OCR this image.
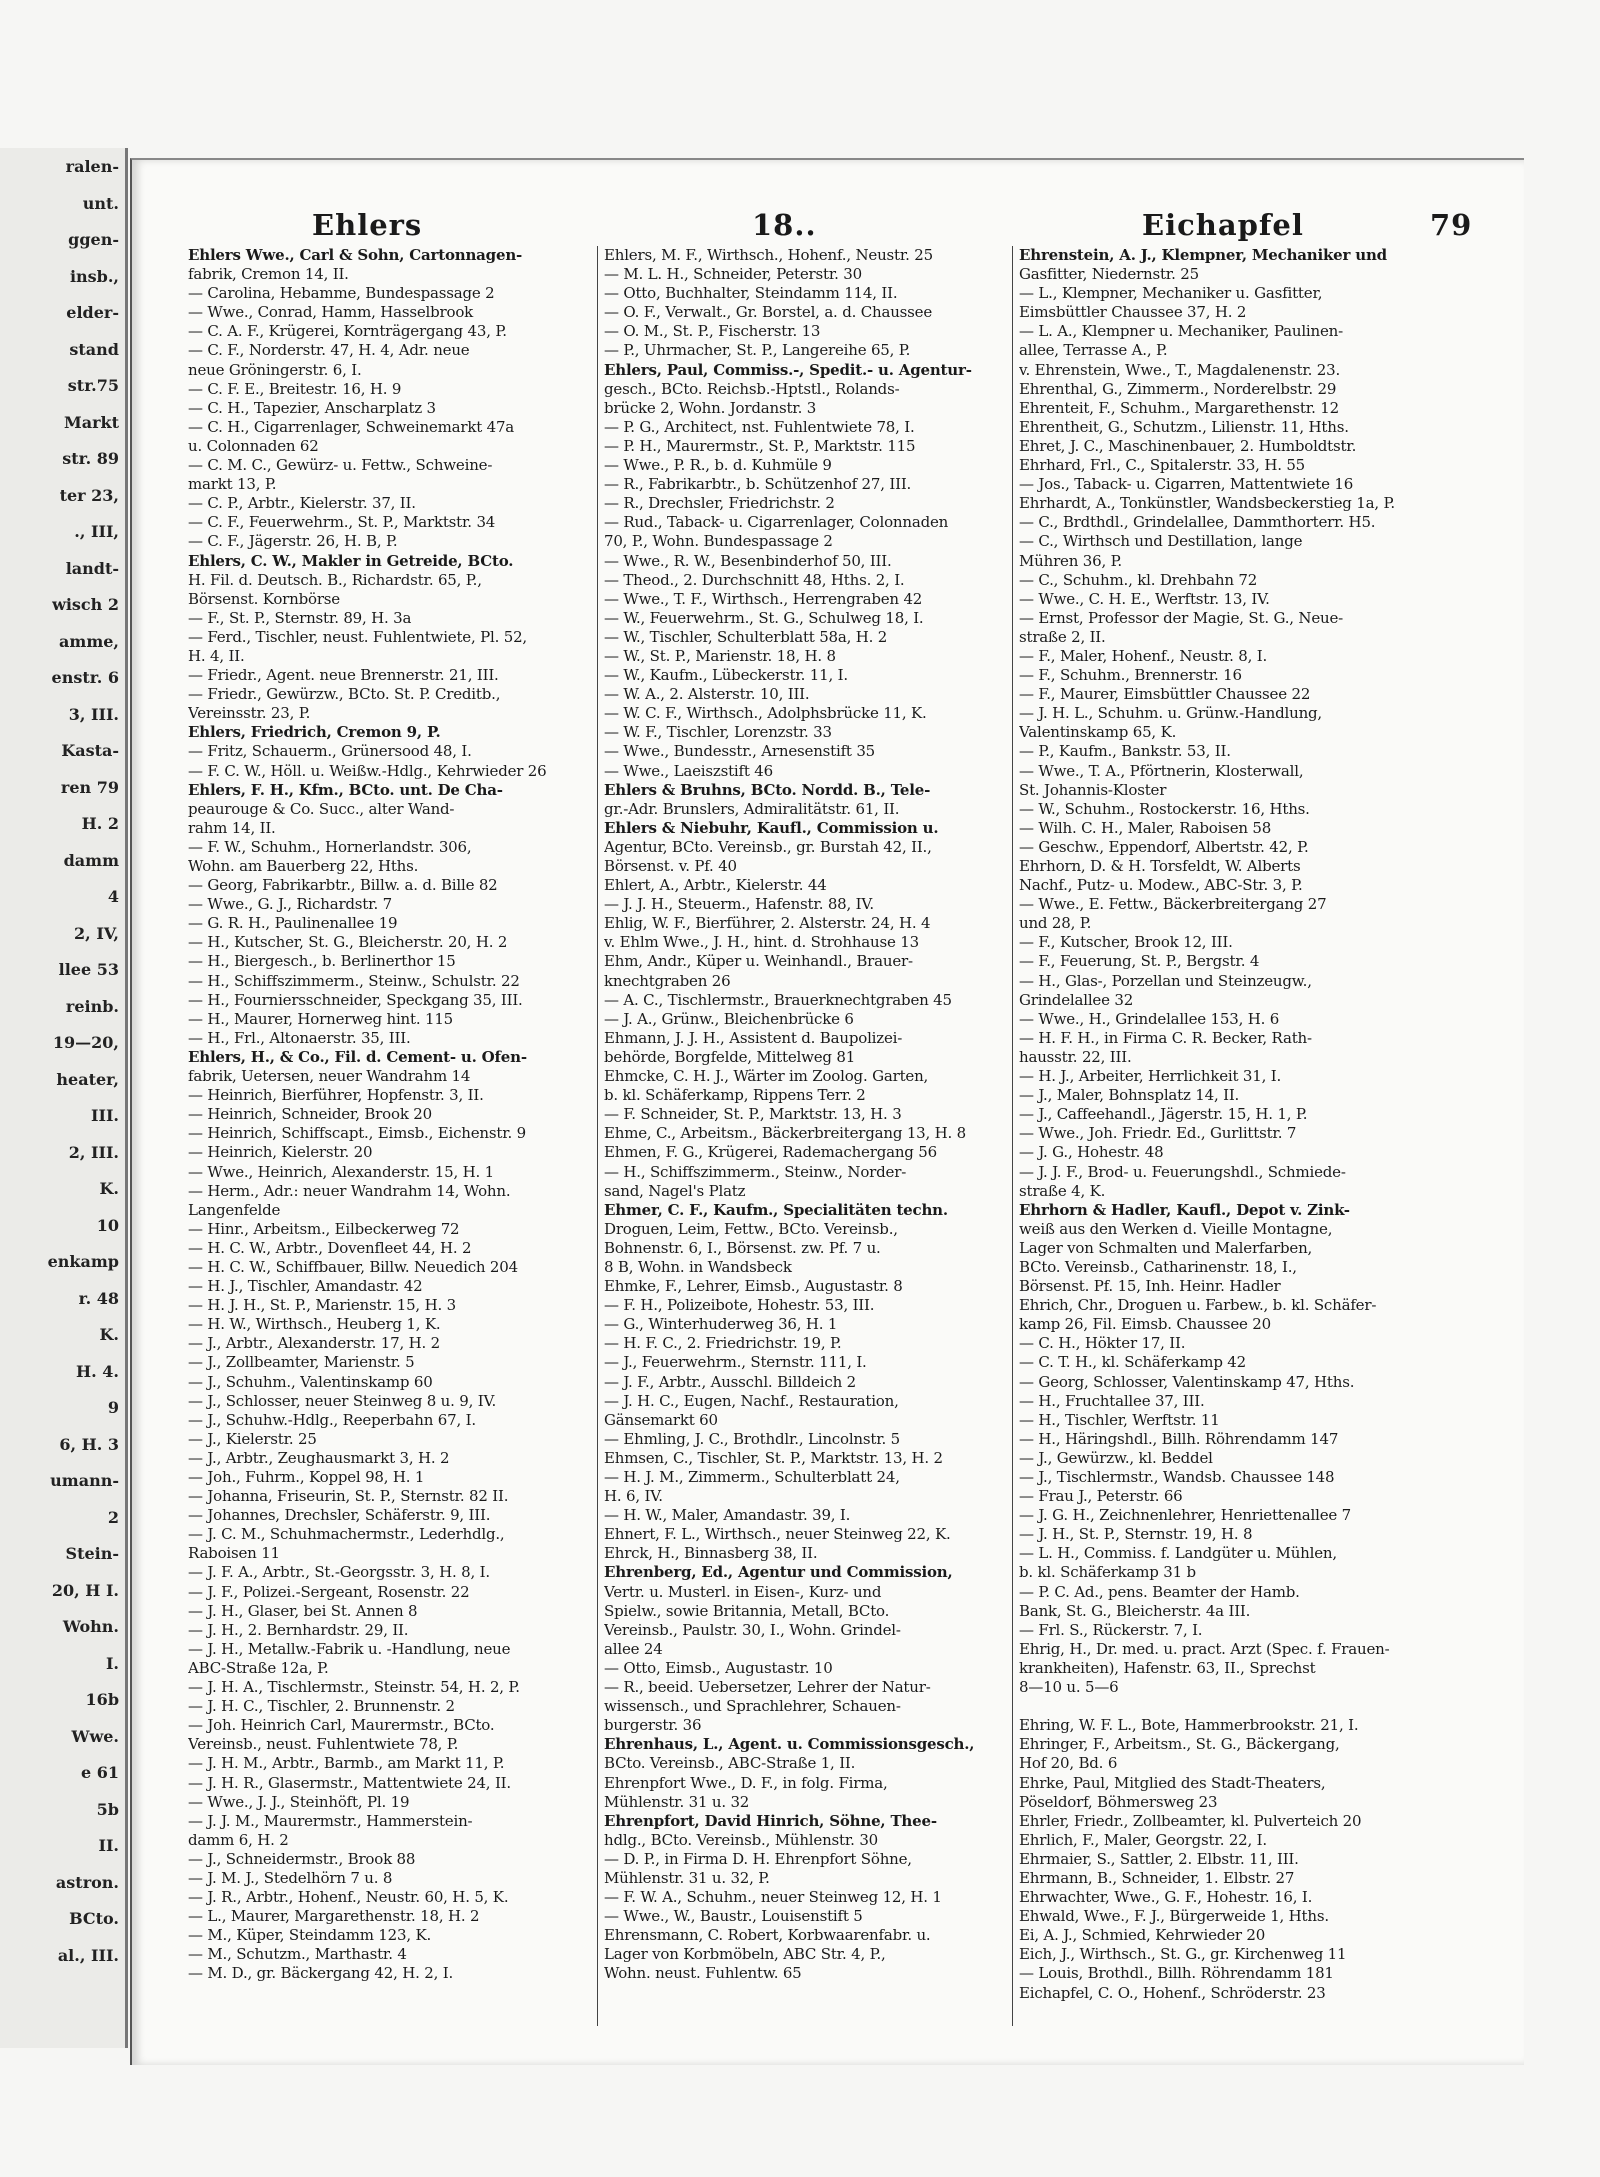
ralen-
unt.
ggen-
insb.,
elder-
stand
str.75
Markt
str. 89
ter 23,
., III,
landt-
wisch 2
amme,
enstr. 6
3, III.
Kasta-
ren 79
H. 2
damm
4
2, IV,
llee 53
reinb.
19—20,
heater,
III.
2, III.
K.
10
enkamp
r. 48
K.
H. 4.
9
6, H. 3
umann-
2
Stein-
20, H I.
Wohn.
I.
16b
Wwe.
e 61
5b
II.
astron.
BCto.
al., III.
Ehlers	18..	Eichapfel	79
Ehlers Wwe., Carl & Sohn, Cartonnagen-
fabrik, Cremon 14, II.
— Carolina, Hebamme, Bundespassage 2
— Wwe., Conrad, Hamm, Hasselbrook
— C. A. F., Krügerei, Kornträgergang 43, P.
— C. F., Norderstr. 47, H. 4, Adr. neue
neue Gröningerstr. 6, I.
— C. F. E., Breitestr. 16, H. 9
— C. H., Tapezier, Anscharplatz 3
— C. H., Cigarrenlager, Schweinemarkt 47a
u. Colonnaden 62
— C. M. C., Gewürz- u. Fettw., Schweine-
markt 13, P.
— C. P., Arbtr., Kielerstr. 37, II.
— C. F., Feuerwehrm., St. P., Marktstr. 34
— C. F., Jägerstr. 26, H. B, P.
Ehlers, C. W., Makler in Getreide, BCto.
H. Fil. d. Deutsch. B., Richardstr. 65, P.,
Börsenst. Kornbörse
— F., St. P., Sternstr. 89, H. 3a
— Ferd., Tischler, neust. Fuhlentwiete, Pl. 52,
H. 4, II.
— Friedr., Agent. neue Brennerstr. 21, III.
— Friedr., Gewürzw., BCto. St. P. Creditb.,
Vereinsstr. 23, P.
Ehlers, Friedrich, Cremon 9, P.
— Fritz, Schauerm., Grünersood 48, I.
— F. C. W., Höll. u. Weißw.-Hdlg., Kehrwieder 26
Ehlers, F. H., Kfm., BCto. unt. De Cha-
peaurouge & Co. Succ., alter Wand-
rahm 14, II.
— F. W., Schuhm., Hornerlandstr. 306,
Wohn. am Bauerberg 22, Hths.
— Georg, Fabrikarbtr., Billw. a. d. Bille 82
— Wwe., G. J., Richardstr. 7
— G. R. H., Paulinenallee 19
— H., Kutscher, St. G., Bleicherstr. 20, H. 2
— H., Biergesch., b. Berlinerthor 15
— H., Schiffszimmerm., Steinw., Schulstr. 22
— H., Fourniersschneider, Speckgang 35, III.
— H., Maurer, Hornerweg hint. 115
— H., Frl., Altonaerstr. 35, III.
Ehlers, H., & Co., Fil. d. Cement- u. Ofen-
fabrik, Uetersen, neuer Wandrahm 14
— Heinrich, Bierführer, Hopfenstr. 3, II.
— Heinrich, Schneider, Brook 20
— Heinrich, Schiffscapt., Eimsb., Eichenstr. 9
— Heinrich, Kielerstr. 20
— Wwe., Heinrich, Alexanderstr. 15, H. 1
— Herm., Adr.: neuer Wandrahm 14, Wohn.
Langenfelde
— Hinr., Arbeitsm., Eilbeckerweg 72
— H. C. W., Arbtr., Dovenfleet 44, H. 2
— H. C. W., Schiffbauer, Billw. Neuedich 204
— H. J., Tischler, Amandastr. 42
— H. J. H., St. P., Marienstr. 15, H. 3
— H. W., Wirthsch., Heuberg 1, K.
— J., Arbtr., Alexanderstr. 17, H. 2
— J., Zollbeamter, Marienstr. 5
— J., Schuhm., Valentinskamp 60
— J., Schlosser, neuer Steinweg 8 u. 9, IV.
— J., Schuhw.-Hdlg., Reeperbahn 67, I.
— J., Kielerstr. 25
— J., Arbtr., Zeughausmarkt 3, H. 2
— Joh., Fuhrm., Koppel 98, H. 1
— Johanna, Friseurin, St. P., Sternstr. 82 II.
— Johannes, Drechsler, Schäferstr. 9, III.
— J. C. M., Schuhmachermstr., Lederhdlg.,
Raboisen 11
— J. F. A., Arbtr., St.-Georgsstr. 3, H. 8, I.
— J. F., Polizei.-Sergeant, Rosenstr. 22
— J. H., Glaser, bei St. Annen 8
— J. H., 2. Bernhardstr. 29, II.
— J. H., Metallw.-Fabrik u. -Handlung, neue
ABC-Straße 12a, P.
— J. H. A., Tischlermstr., Steinstr. 54, H. 2, P.
— J. H. C., Tischler, 2. Brunnenstr. 2
— Joh. Heinrich Carl, Maurermstr., BCto.
Vereinsb., neust. Fuhlentwiete 78, P.
— J. H. M., Arbtr., Barmb., am Markt 11, P.
— J. H. R., Glasermstr., Mattentwiete 24, II.
— Wwe., J. J., Steinhöft, Pl. 19
— J. J. M., Maurermstr., Hammerstein-
damm 6, H. 2
— J., Schneidermstr., Brook 88
— J. M. J., Stedelhörn 7 u. 8
— J. R., Arbtr., Hohenf., Neustr. 60, H. 5, K.
— L., Maurer, Margarethenstr. 18, H. 2
— M., Küper, Steindamm 123, K.
— M., Schutzm., Marthastr. 4
— M. D., gr. Bäckergang 42, H. 2, I.
Ehlers, M. F., Wirthsch., Hohenf., Neustr. 25
— M. L. H., Schneider, Peterstr. 30
— Otto, Buchhalter, Steindamm 114, II.
— O. F., Verwalt., Gr. Borstel, a. d. Chaussee
— O. M., St. P., Fischerstr. 13
— P., Uhrmacher, St. P., Langereihe 65, P.
Ehlers, Paul, Commiss.-, Spedit.- u. Agentur-
gesch., BCto. Reichsb.-Hptstl., Rolands-
brücke 2, Wohn. Jordanstr. 3
— P. G., Architect, nst. Fuhlentwiete 78, I.
— P. H., Maurermstr., St. P., Marktstr. 115
— Wwe., P. R., b. d. Kuhmüle 9
— R., Fabrikarbtr., b. Schützenhof 27, III.
— R., Drechsler, Friedrichstr. 2
— Rud., Taback- u. Cigarrenlager, Colonnaden
70, P., Wohn. Bundespassage 2
— Wwe., R. W., Besenbinderhof 50, III.
— Theod., 2. Durchschnitt 48, Hths. 2, I.
— Wwe., T. F., Wirthsch., Herrengraben 42
— W., Feuerwehrm., St. G., Schulweg 18, I.
— W., Tischler, Schulterblatt 58a, H. 2
— W., St. P., Marienstr. 18, H. 8
— W., Kaufm., Lübeckerstr. 11, I.
— W. A., 2. Alsterstr. 10, III.
— W. C. F., Wirthsch., Adolphsbrücke 11, K.
— W. F., Tischler, Lorenzstr. 33
— Wwe., Bundesstr., Arnesenstift 35
— Wwe., Laeiszstift 46
Ehlers & Bruhns, BCto. Nordd. B., Tele-
gr.-Adr. Brunslers, Admiralitätstr. 61, II.
Ehlers & Niebuhr, Kaufl., Commission u.
Agentur, BCto. Vereinsb., gr. Burstah 42, II.,
Börsenst. v. Pf. 40
Ehlert, A., Arbtr., Kielerstr. 44
— J. J. H., Steuerm., Hafenstr. 88, IV.
Ehlig, W. F., Bierführer, 2. Alsterstr. 24, H. 4
v. Ehlm Wwe., J. H., hint. d. Strohhause 13
Ehm, Andr., Küper u. Weinhandl., Brauer-
knechtgraben 26
— A. C., Tischlermstr., Brauerknechtgraben 45
— J. A., Grünw., Bleichenbrücke 6
Ehmann, J. J. H., Assistent d. Baupolizei-
behörde, Borgfelde, Mittelweg 81
Ehmcke, C. H. J., Wärter im Zoolog. Garten,
b. kl. Schäferkamp, Rippens Terr. 2
— F. Schneider, St. P., Marktstr. 13, H. 3
Ehme, C., Arbeitsm., Bäckerbreitergang 13, H. 8
Ehmen, F. G., Krügerei, Rademachergang 56
— H., Schiffszimmerm., Steinw., Norder-
sand, Nagel's Platz
Ehmer, C. F., Kaufm., Specialitäten techn.
Droguen, Leim, Fettw., BCto. Vereinsb.,
Bohnenstr. 6, I., Börsenst. zw. Pf. 7 u.
8 B, Wohn. in Wandsbeck
Ehmke, F., Lehrer, Eimsb., Augustastr. 8
— F. H., Polizeibote, Hohestr. 53, III.
— G., Winterhuderweg 36, H. 1
— H. F. C., 2. Friedrichstr. 19, P.
— J., Feuerwehrm., Sternstr. 111, I.
— J. F., Arbtr., Ausschl. Billdeich 2
— J. H. C., Eugen, Nachf., Restauration,
Gänsemarkt 60
— Ehmling, J. C., Brothdlr., Lincolnstr. 5
Ehmsen, C., Tischler, St. P., Marktstr. 13, H. 2
— H. J. M., Zimmerm., Schulterblatt 24,
H. 6, IV.
— H. W., Maler, Amandastr. 39, I.
Ehnert, F. L., Wirthsch., neuer Steinweg 22, K.
Ehrck, H., Binnasberg 38, II.
Ehrenberg, Ed., Agentur und Commission,
Vertr. u. Musterl. in Eisen-, Kurz- und
Spielw., sowie Britannia, Metall, BCto.
Vereinsb., Paulstr. 30, I., Wohn. Grindel-
allee 24
— Otto, Eimsb., Augustastr. 10
— R., beeid. Uebersetzer, Lehrer der Natur-
wissensch., und Sprachlehrer, Schauen-
burgerstr. 36
Ehrenhaus, L., Agent. u. Commissionsgesch.,
BCto. Vereinsb., ABC-Straße 1, II.
Ehrenpfort Wwe., D. F., in folg. Firma,
Mühlenstr. 31 u. 32
Ehrenpfort, David Hinrich, Söhne, Thee-
hdlg., BCto. Vereinsb., Mühlenstr. 30
— D. P., in Firma D. H. Ehrenpfort Söhne,
Mühlenstr. 31 u. 32, P.
— F. W. A., Schuhm., neuer Steinweg 12, H. 1
— Wwe., W., Baustr., Louisenstift 5
Ehrensmann, C. Robert, Korbwaarenfabr. u.
Lager von Korbmöbeln, ABC Str. 4, P.,
Wohn. neust. Fuhlentw. 65
Ehrenstein, A. J., Klempner, Mechaniker und
Gasfitter, Niedernstr. 25
— L., Klempner, Mechaniker u. Gasfitter,
Eimsbüttler Chaussee 37, H. 2
— L. A., Klempner u. Mechaniker, Paulinen-
allee, Terrasse A., P.
v. Ehrenstein, Wwe., T., Magdalenenstr. 23.
Ehrenthal, G., Zimmerm., Norderelbstr. 29
Ehrenteit, F., Schuhm., Margarethenstr. 12
Ehrentheit, G., Schutzm., Lilienstr. 11, Hths.
Ehret, J. C., Maschinenbauer, 2. Humboldtstr.
Ehrhard, Frl., C., Spitalerstr. 33, H. 55
— Jos., Taback- u. Cigarren, Mattentwiete 16
Ehrhardt, A., Tonkünstler, Wandsbeckerstieg 1a, P.
— C., Brdthdl., Grindelallee, Dammthorterr. H5.
— C., Wirthsch und Destillation, lange
Mühren 36, P.
— C., Schuhm., kl. Drehbahn 72
— Wwe., C. H. E., Werftstr. 13, IV.
— Ernst, Professor der Magie, St. G., Neue-
straße 2, II.
— F., Maler, Hohenf., Neustr. 8, I.
— F., Schuhm., Brennerstr. 16
— F., Maurer, Eimsbüttler Chaussee 22
— J. H. L., Schuhm. u. Grünw.-Handlung,
Valentinskamp 65, K.
— P., Kaufm., Bankstr. 53, II.
— Wwe., T. A., Pförtnerin, Klosterwall,
St. Johannis-Kloster
— W., Schuhm., Rostockerstr. 16, Hths.
— Wilh. C. H., Maler, Raboisen 58
— Geschw., Eppendorf, Albertstr. 42, P.
Ehrhorn, D. & H. Torsfeldt, W. Alberts
Nachf., Putz- u. Modew., ABC-Str. 3, P.
— Wwe., E. Fettw., Bäckerbreitergang 27
und 28, P.
— F., Kutscher, Brook 12, III.
— F., Feuerung, St. P., Bergstr. 4
— H., Glas-, Porzellan und Steinzeugw.,
Grindelallee 32
— Wwe., H., Grindelallee 153, H. 6
— H. F. H., in Firma C. R. Becker, Rath-
hausstr. 22, III.
— H. J., Arbeiter, Herrlichkeit 31, I.
— J., Maler, Bohnsplatz 14, II.
— J., Caffeehandl., Jägerstr. 15, H. 1, P.
— Wwe., Joh. Friedr. Ed., Gurlittstr. 7
— J. G., Hohestr. 48
— J. J. F., Brod- u. Feuerungshdl., Schmiede-
straße 4, K.
Ehrhorn & Hadler, Kaufl., Depot v. Zink-
weiß aus den Werken d. Vieille Montagne,
Lager von Schmalten und Malerfarben,
BCto. Vereinsb., Catharinenstr. 18, I.,
Börsenst. Pf. 15, Inh. Heinr. Hadler
Ehrich, Chr., Droguen u. Farbew., b. kl. Schäfer-
kamp 26, Fil. Eimsb. Chaussee 20
— C. H., Hökter 17, II.
— C. T. H., kl. Schäferkamp 42
— Georg, Schlosser, Valentinskamp 47, Hths.
— H., Fruchtallee 37, III.
— H., Tischler, Werftstr. 11
— H., Häringshdl., Billh. Röhrendamm 147
— J., Gewürzw., kl. Beddel
— J., Tischlermstr., Wandsb. Chaussee 148
— Frau J., Peterstr. 66
— J. G. H., Zeichnenlehrer, Henriettenallee 7
— J. H., St. P., Sternstr. 19, H. 8
— L. H., Commiss. f. Landgüter u. Mühlen,
b. kl. Schäferkamp 31 b
— P. C. Ad., pens. Beamter der Hamb.
Bank, St. G., Bleicherstr. 4a III.
— Frl. S., Rückerstr. 7, I.
Ehrig, H., Dr. med. u. pract. Arzt (Spec. f. Frauen-
krankheiten), Hafenstr. 63, II., Sprechst
8—10 u. 5—6
Ehring, W. F. L., Bote, Hammerbrookstr. 21, I.
Ehringer, F., Arbeitsm., St. G., Bäckergang,
Hof 20, Bd. 6
Ehrke, Paul, Mitglied des Stadt-Theaters,
Pöseldorf, Böhmersweg 23
Ehrler, Friedr., Zollbeamter, kl. Pulverteich 20
Ehrlich, F., Maler, Georgstr. 22, I.
Ehrmaier, S., Sattler, 2. Elbstr. 11, III.
Ehrmann, B., Schneider, 1. Elbstr. 27
Ehrwachter, Wwe., G. F., Hohestr. 16, I.
Ehwald, Wwe., F. J., Bürgerweide 1, Hths.
Ei, A. J., Schmied, Kehrwieder 20
Eich, J., Wirthsch., St. G., gr. Kirchenweg 11
— Louis, Brothdl., Billh. Röhrendamm 181
Eichapfel, C. O., Hohenf., Schröderstr. 23
